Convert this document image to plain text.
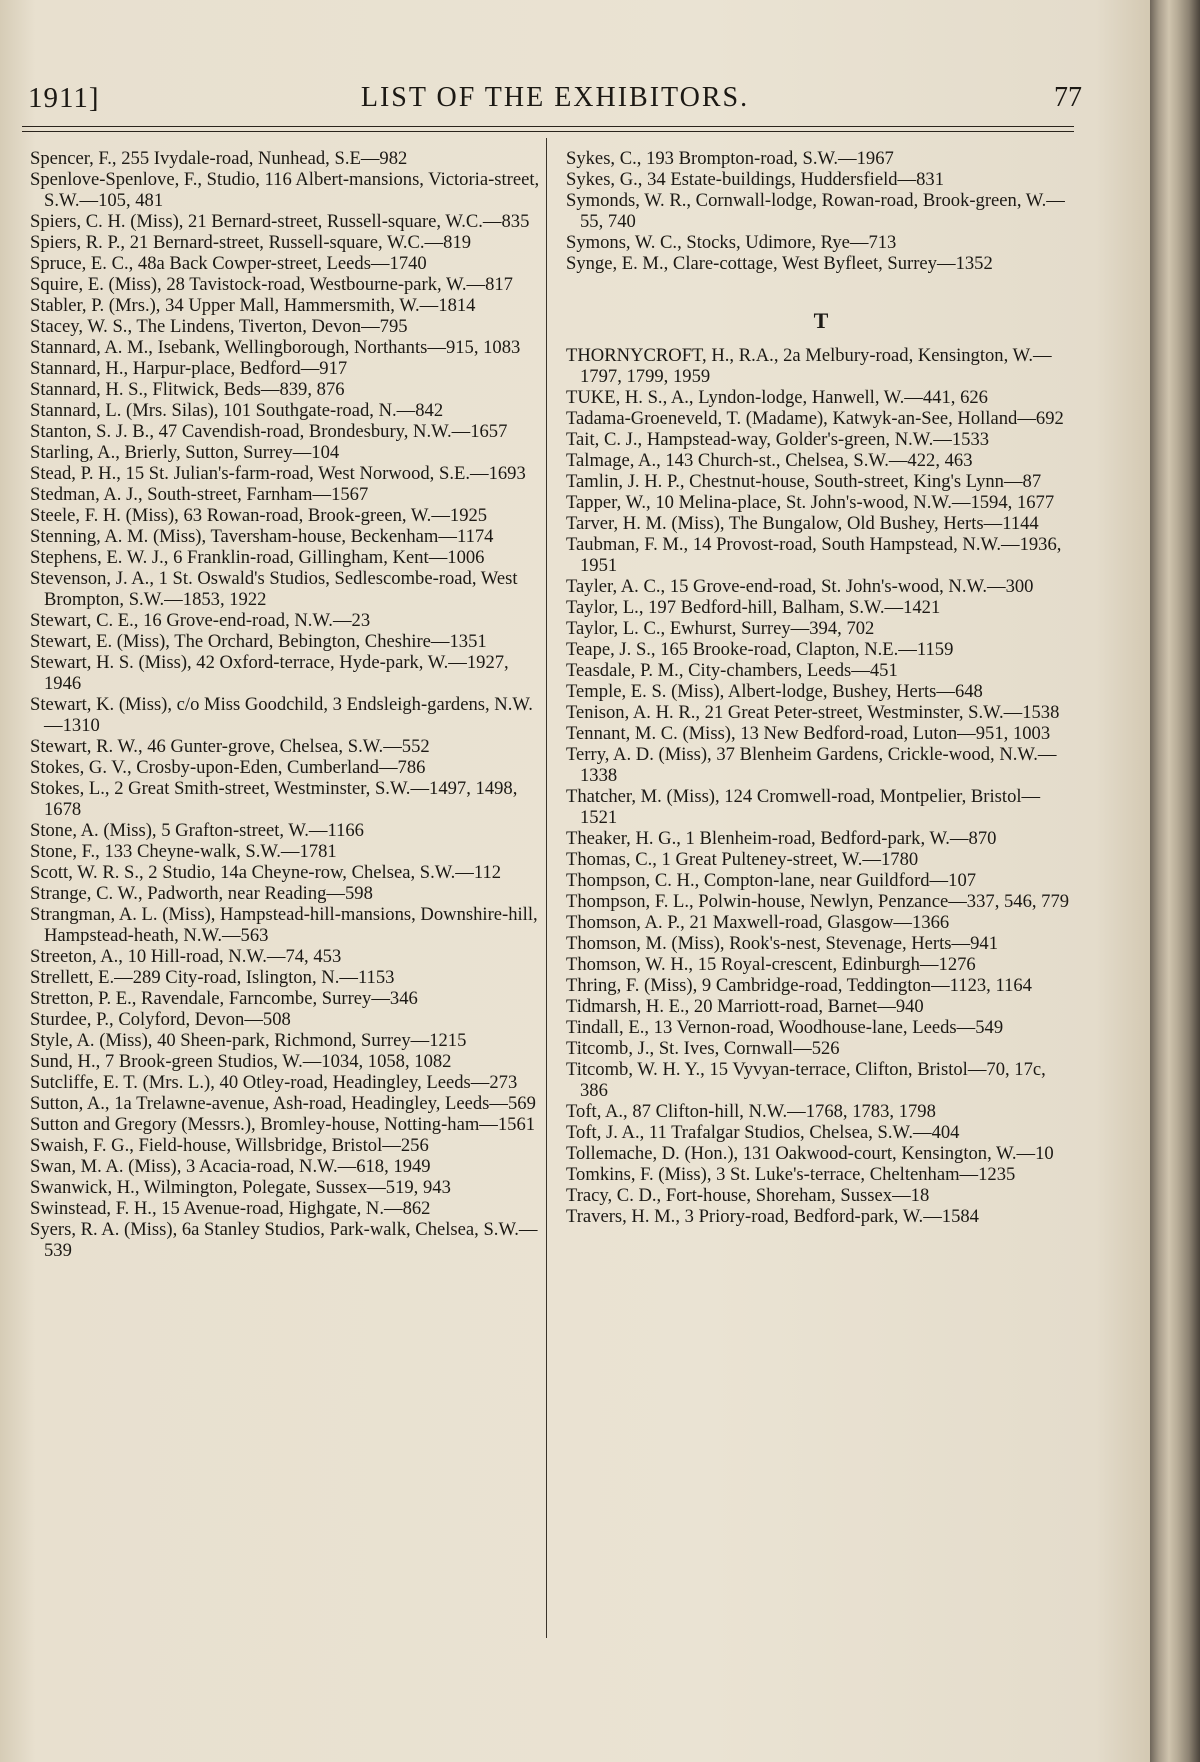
1911]	LIST OF THE EXHIBITORS.	77
Spencer, F., 255 Ivydale-road, Nunhead, S.E—982
Spenlove-Spenlove, F., Studio, 116 Albert-mansions, Victoria-street, S.W.—105, 481
Spiers, C. H. (Miss), 21 Bernard-street, Russell-square, W.C.—835
Spiers, R. P., 21 Bernard-street, Russell-square, W.C.—819
Spruce, E. C., 48a Back Cowper-street, Leeds—1740
Squire, E. (Miss), 28 Tavistock-road, Westbourne-park, W.—817
Stabler, P. (Mrs.), 34 Upper Mall, Hammersmith, W.—1814
Stacey, W. S., The Lindens, Tiverton, Devon—795
Stannard, A. M., Isebank, Wellingborough, Northants—915, 1083
Stannard, H., Harpur-place, Bedford—917
Stannard, H. S., Flitwick, Beds—839, 876
Stannard, L. (Mrs. Silas), 101 Southgate-road, N.—842
Stanton, S. J. B., 47 Cavendish-road, Brondesbury, N.W.—1657
Starling, A., Brierly, Sutton, Surrey—104
Stead, P. H., 15 St. Julian's-farm-road, West Norwood, S.E.—1693
Stedman, A. J., South-street, Farnham—1567
Steele, F. H. (Miss), 63 Rowan-road, Brook-green, W.—1925
Stenning, A. M. (Miss), Taversham-house, Beckenham—1174
Stephens, E. W. J., 6 Franklin-road, Gillingham, Kent—1006
Stevenson, J. A., 1 St. Oswald's Studios, Sedlescombe-road, West Brompton, S.W.—1853, 1922
Stewart, C. E., 16 Grove-end-road, N.W.—23
Stewart, E. (Miss), The Orchard, Bebington, Cheshire—1351
Stewart, H. S. (Miss), 42 Oxford-terrace, Hyde-park, W.—1927, 1946
Stewart, K. (Miss), c/o Miss Goodchild, 3 Endsleigh-gardens, N.W.—1310
Stewart, R. W., 46 Gunter-grove, Chelsea, S.W.—552
Stokes, G. V., Crosby-upon-Eden, Cumberland—786
Stokes, L., 2 Great Smith-street, Westminster, S.W.—1497, 1498, 1678
Stone, A. (Miss), 5 Grafton-street, W.—1166
Stone, F., 133 Cheyne-walk, S.W.—1781
Scott, W. R. S., 2 Studio, 14a Cheyne-row, Chelsea, S.W.—112
Strange, C. W., Padworth, near Reading—598
Strangman, A. L. (Miss), Hampstead-hill-mansions, Downshire-hill, Hampstead-heath, N.W.—563
Streeton, A., 10 Hill-road, N.W.—74, 453
Strellett, E.—289 City-road, Islington, N.—1153
Stretton, P. E., Ravendale, Farncombe, Surrey—346
Sturdee, P., Colyford, Devon—508
Style, A. (Miss), 40 Sheen-park, Richmond, Surrey—1215
Sund, H., 7 Brook-green Studios, W.—1034, 1058, 1082
Sutcliffe, E. T. (Mrs. L.), 40 Otley-road, Headingley, Leeds—273
Sutton, A., 1a Trelawne-avenue, Ash-road, Headingley, Leeds—569
Sutton and Gregory (Messrs.), Bromley-house, Notting-ham—1561
Swaish, F. G., Field-house, Willsbridge, Bristol—256
Swan, M. A. (Miss), 3 Acacia-road, N.W.—618, 1949
Swanwick, H., Wilmington, Polegate, Sussex—519, 943
Swinstead, F. H., 15 Avenue-road, Highgate, N.—862
Syers, R. A. (Miss), 6a Stanley Studios, Park-walk, Chelsea, S.W.—539
Sykes, C., 193 Brompton-road, S.W.—1967
Sykes, G., 34 Estate-buildings, Huddersfield—831
Symonds, W. R., Cornwall-lodge, Rowan-road, Brook-green, W.—55, 740
Symons, W. C., Stocks, Udimore, Rye—713
Synge, E. M., Clare-cottage, West Byfleet, Surrey—1352
T
THORNYCROFT, H., R.A., 2a Melbury-road, Kensington, W.—1797, 1799, 1959
TUKE, H. S., A., Lyndon-lodge, Hanwell, W.—441, 626
Tadama-Groeneveld, T. (Madame), Katwyk-an-See, Holland—692
Tait, C. J., Hampstead-way, Golder's-green, N.W.—1533
Talmage, A., 143 Church-st., Chelsea, S.W.—422, 463
Tamlin, J. H. P., Chestnut-house, South-street, King's Lynn—87
Tapper, W., 10 Melina-place, St. John's-wood, N.W.—1594, 1677
Tarver, H. M. (Miss), The Bungalow, Old Bushey, Herts—1144
Taubman, F. M., 14 Provost-road, South Hampstead, N.W.—1936, 1951
Tayler, A. C., 15 Grove-end-road, St. John's-wood, N.W.—300
Taylor, L., 197 Bedford-hill, Balham, S.W.—1421
Taylor, L. C., Ewhurst, Surrey—394, 702
Teape, J. S., 165 Brooke-road, Clapton, N.E.—1159
Teasdale, P. M., City-chambers, Leeds—451
Temple, E. S. (Miss), Albert-lodge, Bushey, Herts—648
Tenison, A. H. R., 21 Great Peter-street, Westminster, S.W.—1538
Tennant, M. C. (Miss), 13 New Bedford-road, Luton—951, 1003
Terry, A. D. (Miss), 37 Blenheim Gardens, Crickle-wood, N.W.—1338
Thatcher, M. (Miss), 124 Cromwell-road, Montpelier, Bristol—1521
Theaker, H. G., 1 Blenheim-road, Bedford-park, W.—870
Thomas, C., 1 Great Pulteney-street, W.—1780
Thompson, C. H., Compton-lane, near Guildford—107
Thompson, F. L., Polwin-house, Newlyn, Penzance—337, 546, 779
Thomson, A. P., 21 Maxwell-road, Glasgow—1366
Thomson, M. (Miss), Rook's-nest, Stevenage, Herts—941
Thomson, W. H., 15 Royal-crescent, Edinburgh—1276
Thring, F. (Miss), 9 Cambridge-road, Teddington—1123, 1164
Tidmarsh, H. E., 20 Marriott-road, Barnet—940
Tindall, E., 13 Vernon-road, Woodhouse-lane, Leeds—549
Titcomb, J., St. Ives, Cornwall—526
Titcomb, W. H. Y., 15 Vyvyan-terrace, Clifton, Bristol—70, 17c, 386
Toft, A., 87 Clifton-hill, N.W.—1768, 1783, 1798
Toft, J. A., 11 Trafalgar Studios, Chelsea, S.W.—404
Tollemache, D. (Hon.), 131 Oakwood-court, Kensington, W.—10
Tomkins, F. (Miss), 3 St. Luke's-terrace, Cheltenham—1235
Tracy, C. D., Fort-house, Shoreham, Sussex—18
Travers, H. M., 3 Priory-road, Bedford-park, W.—1584
